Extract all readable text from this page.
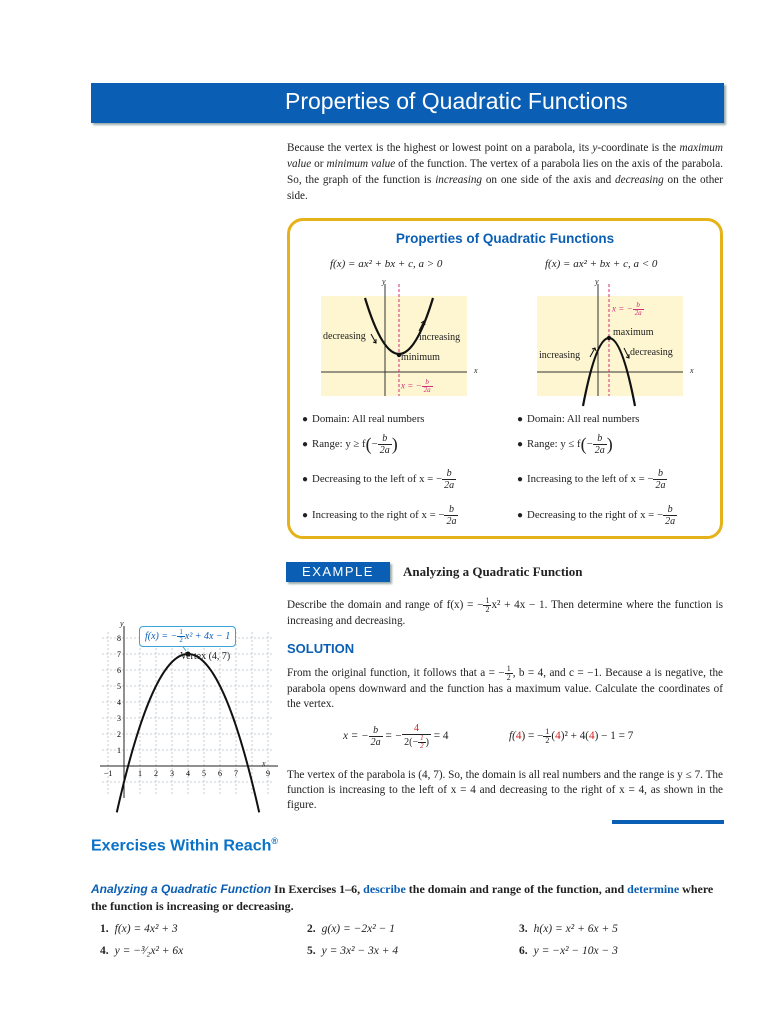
Properties of Quadratic Functions
Because the vertex is the highest or lowest point on a parabola, its y-coordinate is the maximum value or minimum value of the function. The vertex of a parabola lies on the axis of the parabola. So, the graph of the function is increasing on one side of the axis and decreasing on the other side.
Properties of Quadratic Functions
f(x) = ax² + bx + c, a > 0	f(x) = ax² + bx + c, a < 0
decreasing	increasing
minimum
x = − $\frac{b}{2a}$
y
x
increasing	decreasing
maximum
x = − $\frac{b}{2a}$
y
x
● Domain: All real numbers
● Range: $y \ge f(- \frac{b}{2a}$ )
● Decreasing to the left of x = − $\frac{b}{2a}$
● Increasing to the right of x = − $\frac{b}{2a}$
● Domain: All real numbers
● Range: $y \le f(- \frac{b}{2a}$ )
● Increasing to the left of x = − $\frac{b}{2a}$
● Decreasing to the right of x = − $\frac{b}{2a}$
EXAMPLE	Analyzing a Quadratic Function
Describe the domain and range of f(x) = − $\frac{1}{2} x^2 + 4x - 1$. Then determine where the function is increasing and decreasing.
SOLUTION
From the original function, it follows that a = − $\frac{1}{2}$ , b = 4, and c = −1. Because a is negative, the parabola opens downward and the function has a maximum value. Calculate the coordinates of the vertex.
x = − $\frac{b}{2a}$ = − $\frac{4}{2(- \frac{1}{2} )} = 4$	f(4) = − $\frac{1}{2} (4)^2 + 4(4) - 1 = 7$
The vertex of the parabola is (4, 7). So, the domain is all real numbers and the range is y ≤ 7. The function is increasing to the left of x = 4 and decreasing to the right of x = 4, as shown in the figure.
8
7
6
5
4
3
2
1
−1	1 2 3 4 5 6 7	9
f(x) = − $\frac{1}{2} x^2 + 4x - 1$
Vertex (4, 7)
y
x
Exercises Within Reach®
Analyzing a Quadratic Function In Exercises 1–6, describe the domain and range of the function, and determine where the function is increasing or decreasing.
1. f(x) = 4x² + 3	2. g(x) = −2x² − 1	3. h(x) = x² + 6x + 5
4. y = −³⁄₂x² + 6x	5. y = 3x² − 3x + 4	6. y = −x² − 10x − 3
